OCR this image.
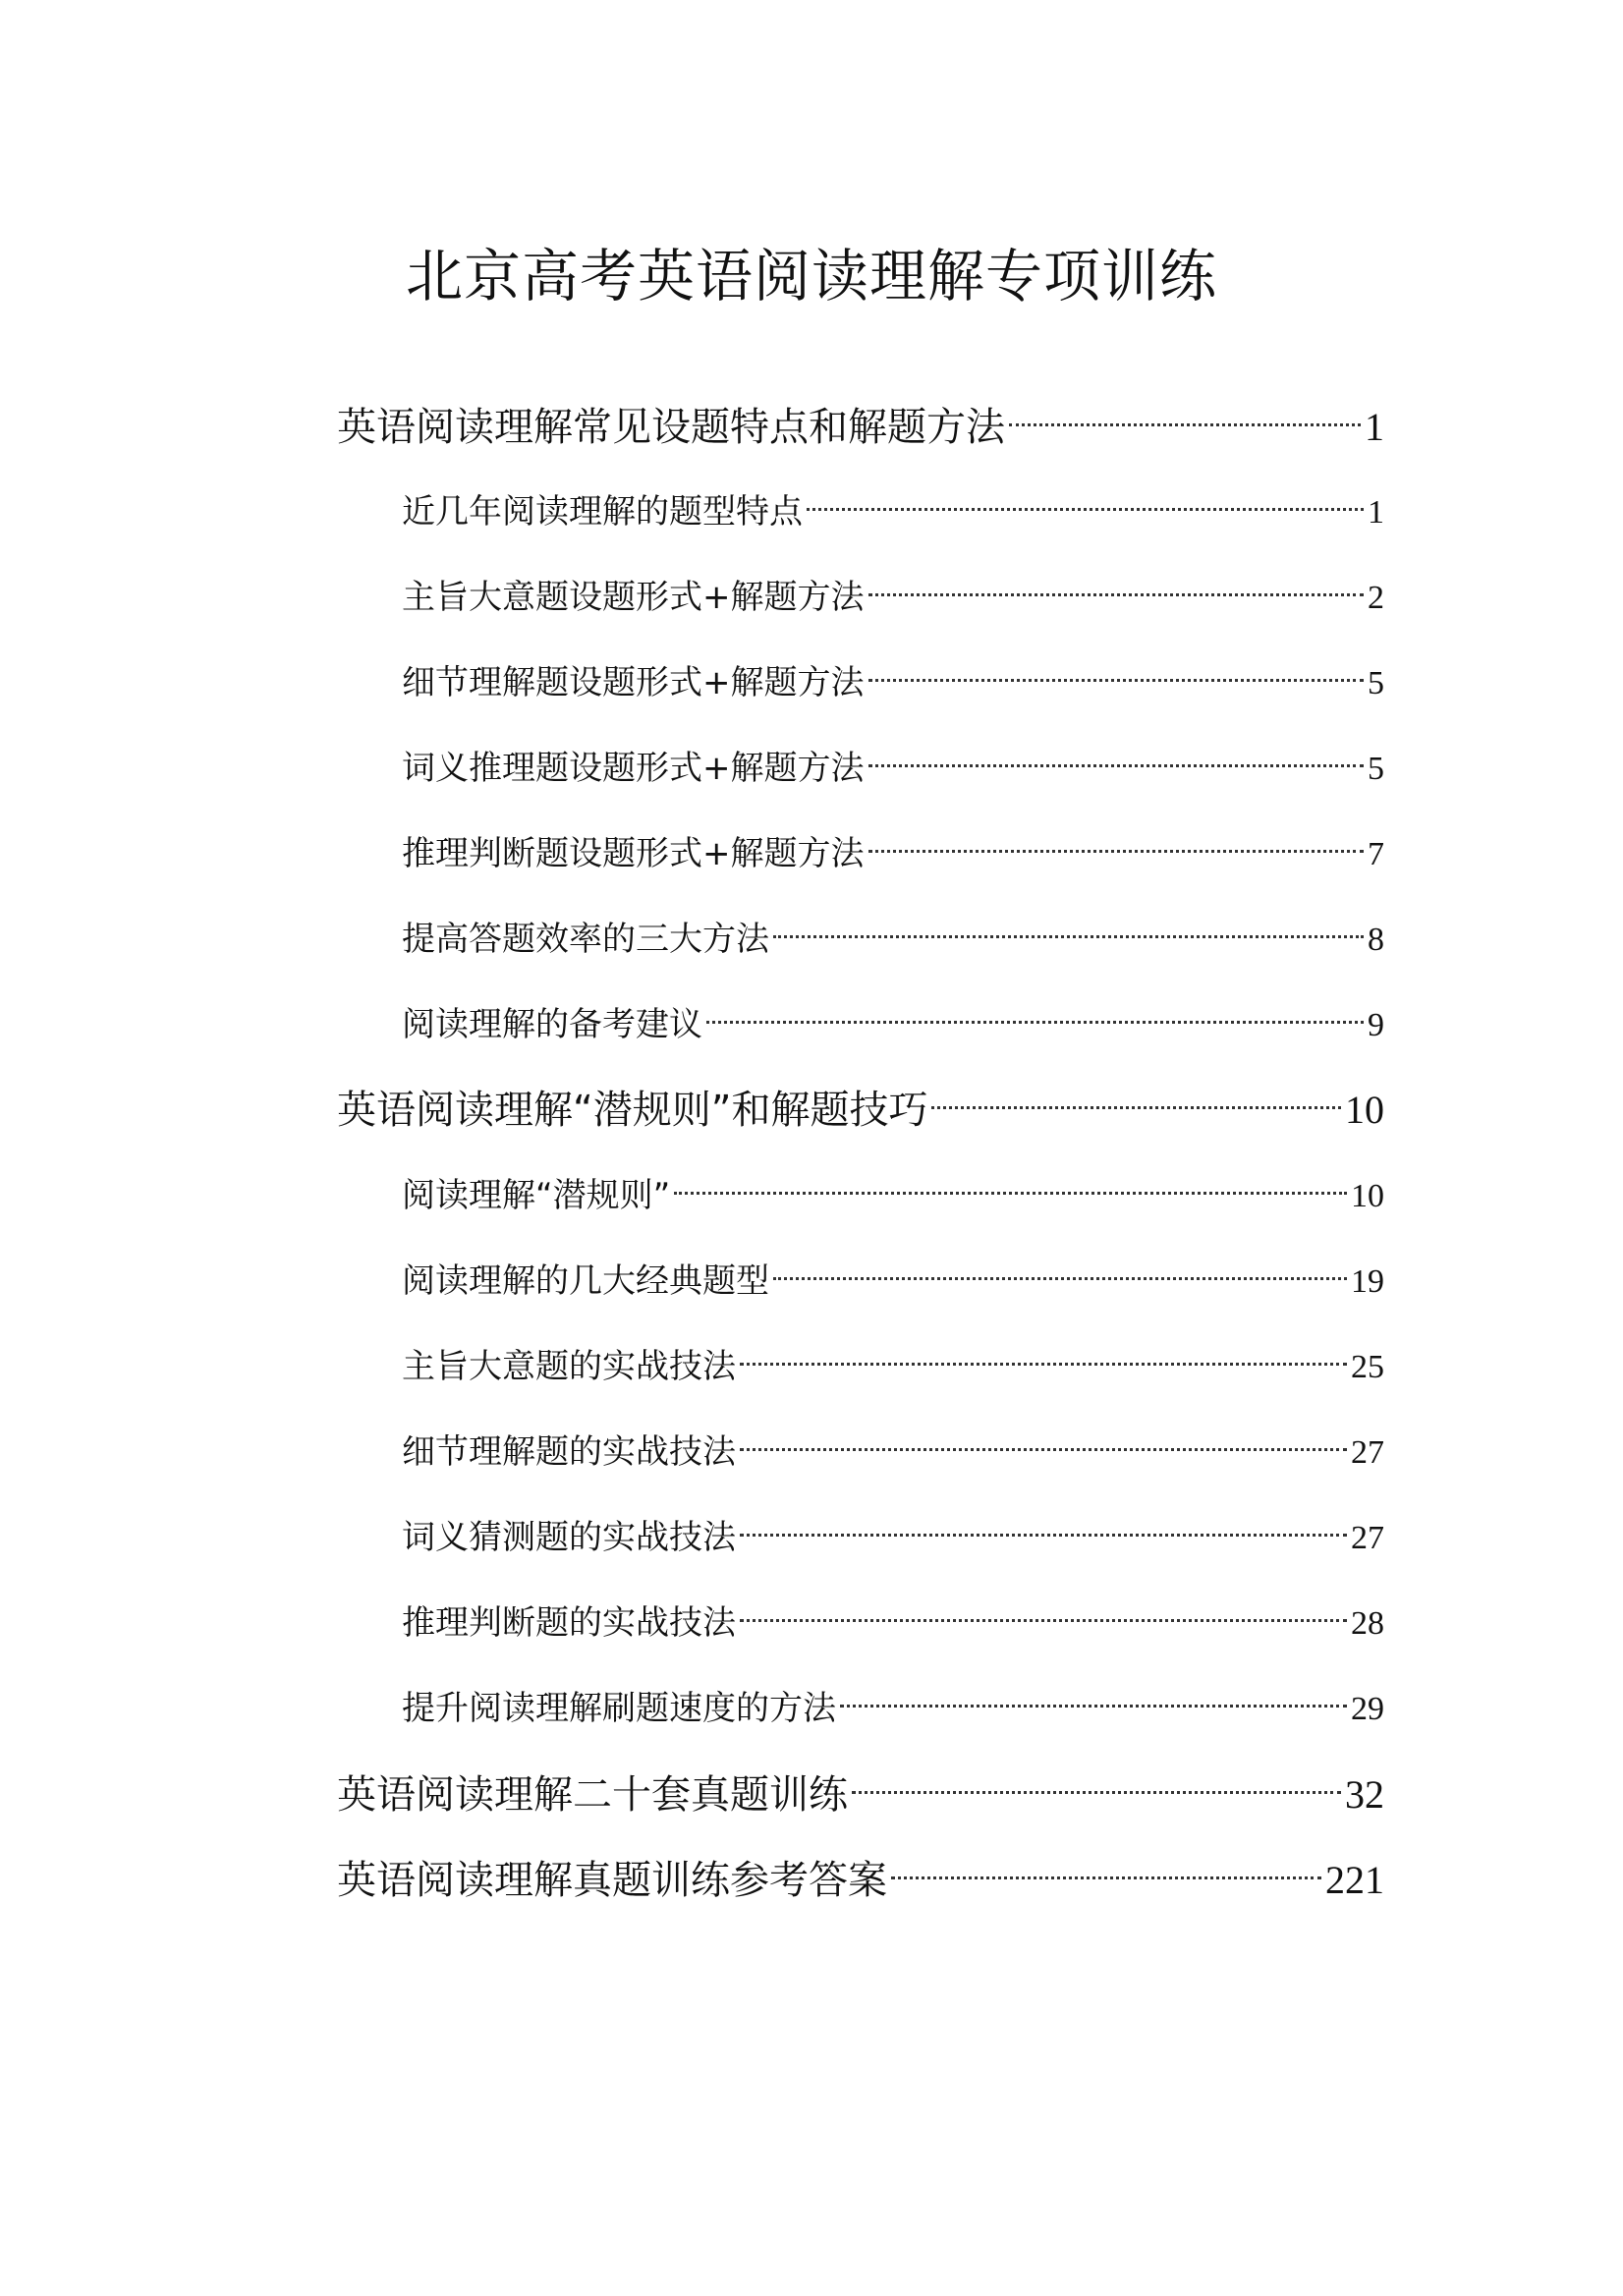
北京高考英语阅读理解专项训练
英语阅读理解常见设题特点和解题方法	1
近几年阅读理解的题型特点	1
主旨大意题设题形式+解题方法	2
细节理解题设题形式+解题方法	5
词义推理题设题形式+解题方法	5
推理判断题设题形式+解题方法	7
提高答题效率的三大方法	8
阅读理解的备考建议	9
英语阅读理解“潜规则”和解题技巧	10
阅读理解“潜规则”	10
阅读理解的几大经典题型	19
主旨大意题的实战技法	25
细节理解题的实战技法	27
词义猜测题的实战技法	27
推理判断题的实战技法	28
提升阅读理解刷题速度的方法	29
英语阅读理解二十套真题训练	32
英语阅读理解真题训练参考答案	221
